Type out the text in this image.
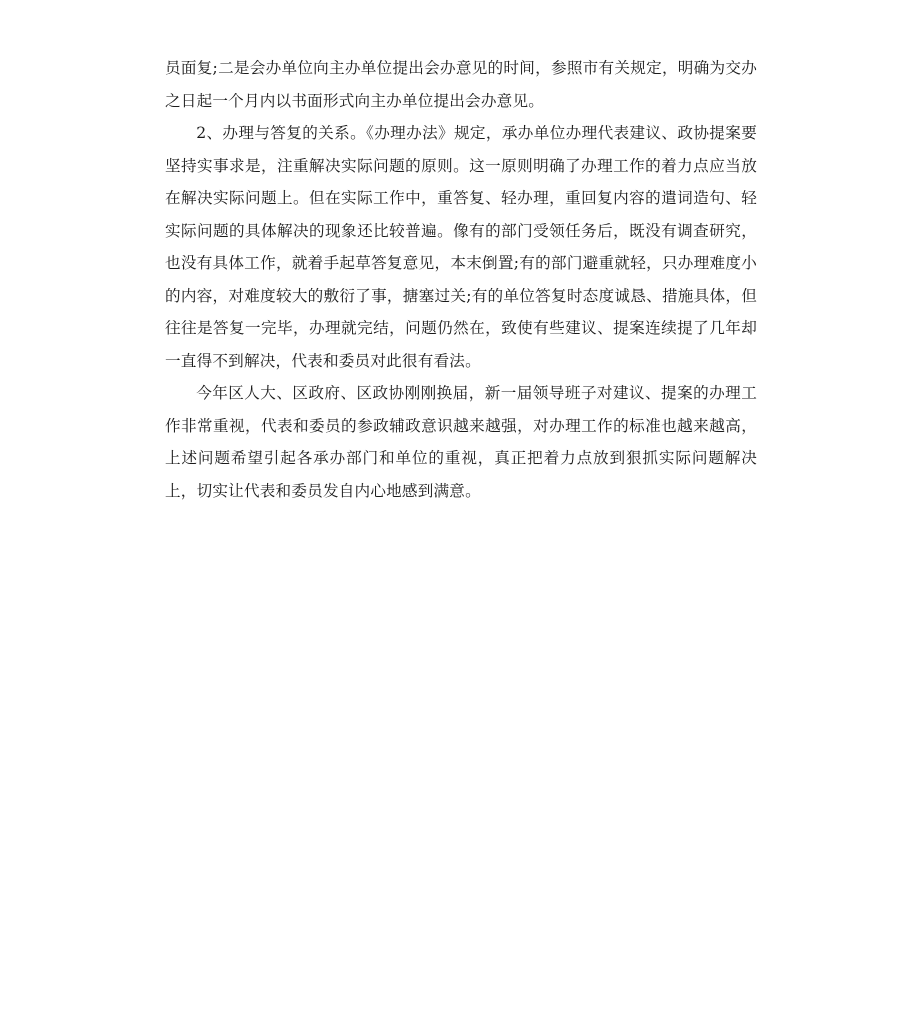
员面复;二是会办单位向主办单位提出会办意见的时间，参照市有关规定，明确为交办之日起一个月内以书面形式向主办单位提出会办意见。

2、办理与答复的关系。《办理办法》规定，承办单位办理代表建议、政协提案要坚持实事求是，注重解决实际问题的原则。这一原则明确了办理工作的着力点应当放在解决实际问题上。但在实际工作中，重答复、轻办理，重回复内容的遣词造句、轻实际问题的具体解决的现象还比较普遍。像有的部门受领任务后，既没有调查研究，也没有具体工作，就着手起草答复意见，本末倒置;有的部门避重就轻，只办理难度小的内容，对难度较大的敷衍了事，搪塞过关;有的单位答复时态度诚恳、措施具体，但往往是答复一完毕，办理就完结，问题仍然在，致使有些建议、提案连续提了几年却一直得不到解决，代表和委员对此很有看法。

今年区人大、区政府、区政协刚刚换届，新一届领导班子对建议、提案的办理工作非常重视，代表和委员的参政辅政意识越来越强，对办理工作的标准也越来越高，上述问题希望引起各承办部门和单位的重视，真正把着力点放到狠抓实际问题解决上，切实让代表和委员发自内心地感到满意。
